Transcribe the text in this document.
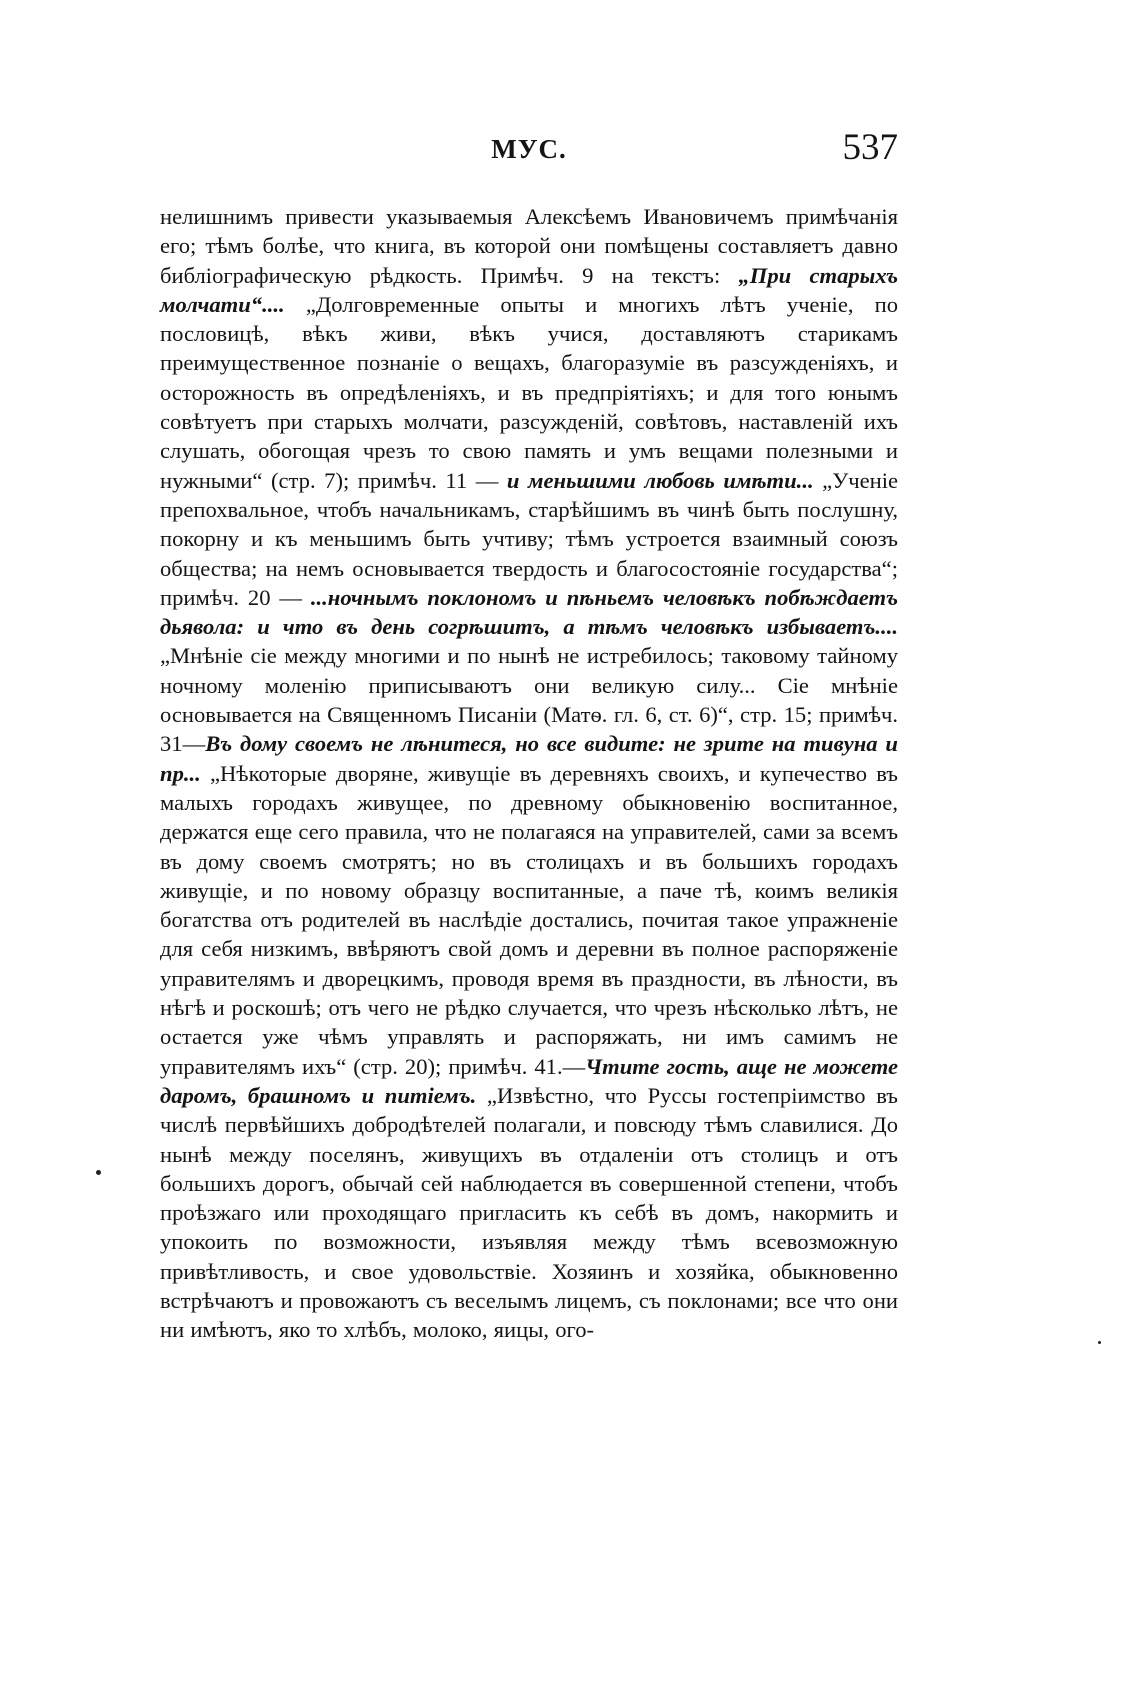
МУС.	537

нелишнимъ привести указываемыя Алексѣемъ Ивановичемъ примѣчанія его; тѣмъ болѣе, что книга, въ которой они помѣщены составляетъ давно библіографическую рѣдкость. Примѣч. 9 на текстъ: „При старыхъ молчати“.... „Долговременные опыты и многихъ лѣтъ ученіе, по пословицѣ, вѣкъ живи, вѣкъ учися, доставляютъ старикамъ преимущественное познаніе о вещахъ, благоразуміе въ разсужденіяхъ, и осторожность въ опредѣленіяхъ, и въ предпріятіяхъ; и для того юнымъ совѣтуетъ при старыхъ молчати, разсужденій, совѣтовъ, наставленій ихъ слушать, обогощая чрезъ то свою память и умъ вещами полезными и нужными“ (стр. 7); примѣч. 11 — и меньшими любовь имѣти... „Ученіе препохвальное, чтобъ начальникамъ, старѣйшимъ въ чинѣ быть послушну, покорну и къ меньшимъ быть учтиву; тѣмъ устроется взаимный союзъ общества; на немъ основывается твердость и благосостояніе государства“; примѣч. 20 — ...ночнымъ поклономъ и пѣньемъ человѣкъ побѣждаетъ дьявола: и что въ день согрѣшитъ, а тѣмъ человѣкъ избываетъ.... „Мнѣніе сіе между многими и по нынѣ не истребилось; таковому тайному ночному моленію приписываютъ они великую силу... Сіе мнѣніе основывается на Священномъ Писаніи (Матѳ. гл. 6, ст. 6)“, стр. 15; примѣч. 31—Въ дому своемъ не лѣнитеся, но все видите: не зрите на тивуна и пр... „Нѣкоторые дворяне, живущіе въ деревняхъ своихъ, и купечество въ малыхъ городахъ живущее, по древному обыкновенію воспитанное, держатся еще сего правила, что не полагаяся на управителей, сами за всемъ въ дому своемъ смотрятъ; но въ столицахъ и въ большихъ городахъ живущіе, и по новому образцу воспитанные, а паче тѣ, коимъ великія богатства отъ родителей въ наслѣдіе достались, почитая такое упражненіе для себя низкимъ, ввѣряютъ свой домъ и деревни въ полное распоряженіе управителямъ и дворецкимъ, проводя время въ праздности, въ лѣности, въ нѣгѣ и роскошѣ; отъ чего не рѣдко случается, что чрезъ нѣсколько лѣтъ, не остается уже чѣмъ управлять и распоряжать, ни имъ самимъ не управителямъ ихъ“ (стр. 20); примѣч. 41.—Чтите гость, аще не можете даромъ, брашномъ и питіемъ. „Извѣстно, что Руссы гостепріимство въ числѣ первѣйшихъ добродѣтелей полагали, и повсюду тѣмъ славилися. До нынѣ между поселянъ, живущихъ въ отдаленіи отъ столицъ и отъ большихъ дорогъ, обычай сей наблюдается въ совершенной степени, чтобъ проѣзжаго или проходящаго пригласить къ себѣ въ домъ, накормить и упокоить по возможности, изъявляя между тѣмъ всевозможную привѣтливость, и свое удовольствіе. Хозяинъ и хозяйка, обыкновенно встрѣчаютъ и провожаютъ съ веселымъ лицемъ, съ поклонами; все что они ни имѣютъ, яко то хлѣбъ, молоко, яицы, ого-
